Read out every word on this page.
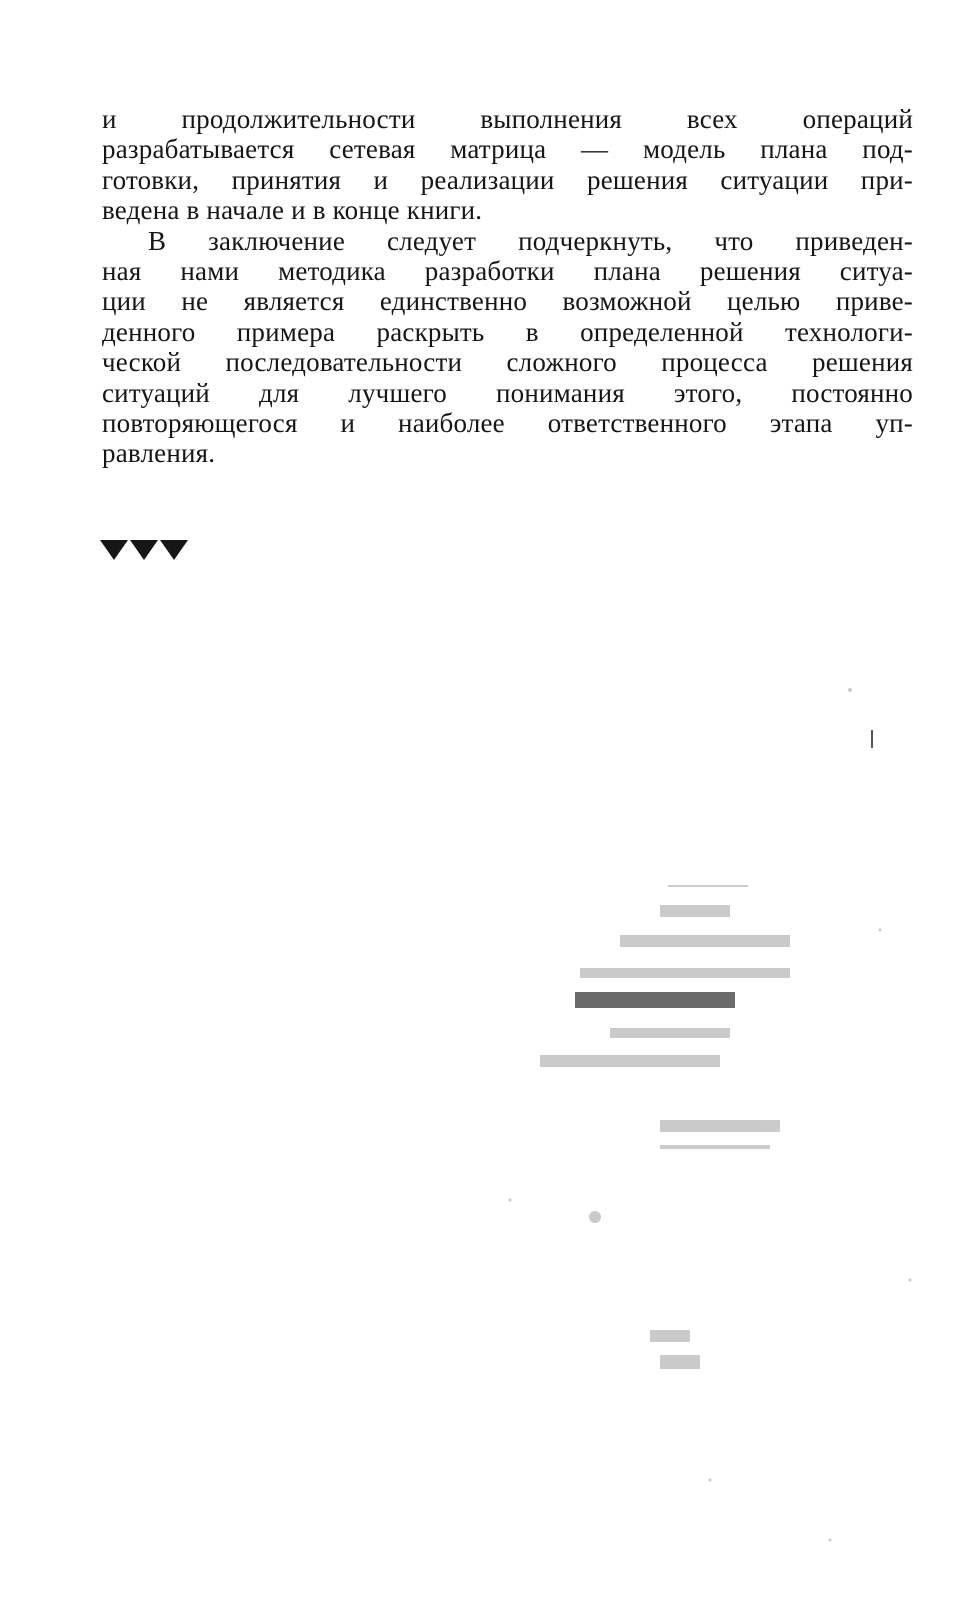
и продолжительности выполнения всех операций
разрабатывается сетевая матрица — модель плана под-
готовки, принятия и реализации решения ситуации при-
ведена в начале и в конце книги.
В заключение следует подчеркнуть, что приведен-
ная нами методика разработки плана решения ситуа-
ции не является единственно возможной целью приве-
денного примера раскрыть в определенной технологи-
ческой последовательности сложного процесса решения
ситуаций для лучшего понимания этого, постоянно
повторяющегося и наиболее ответственного этапа уп-
равления.
